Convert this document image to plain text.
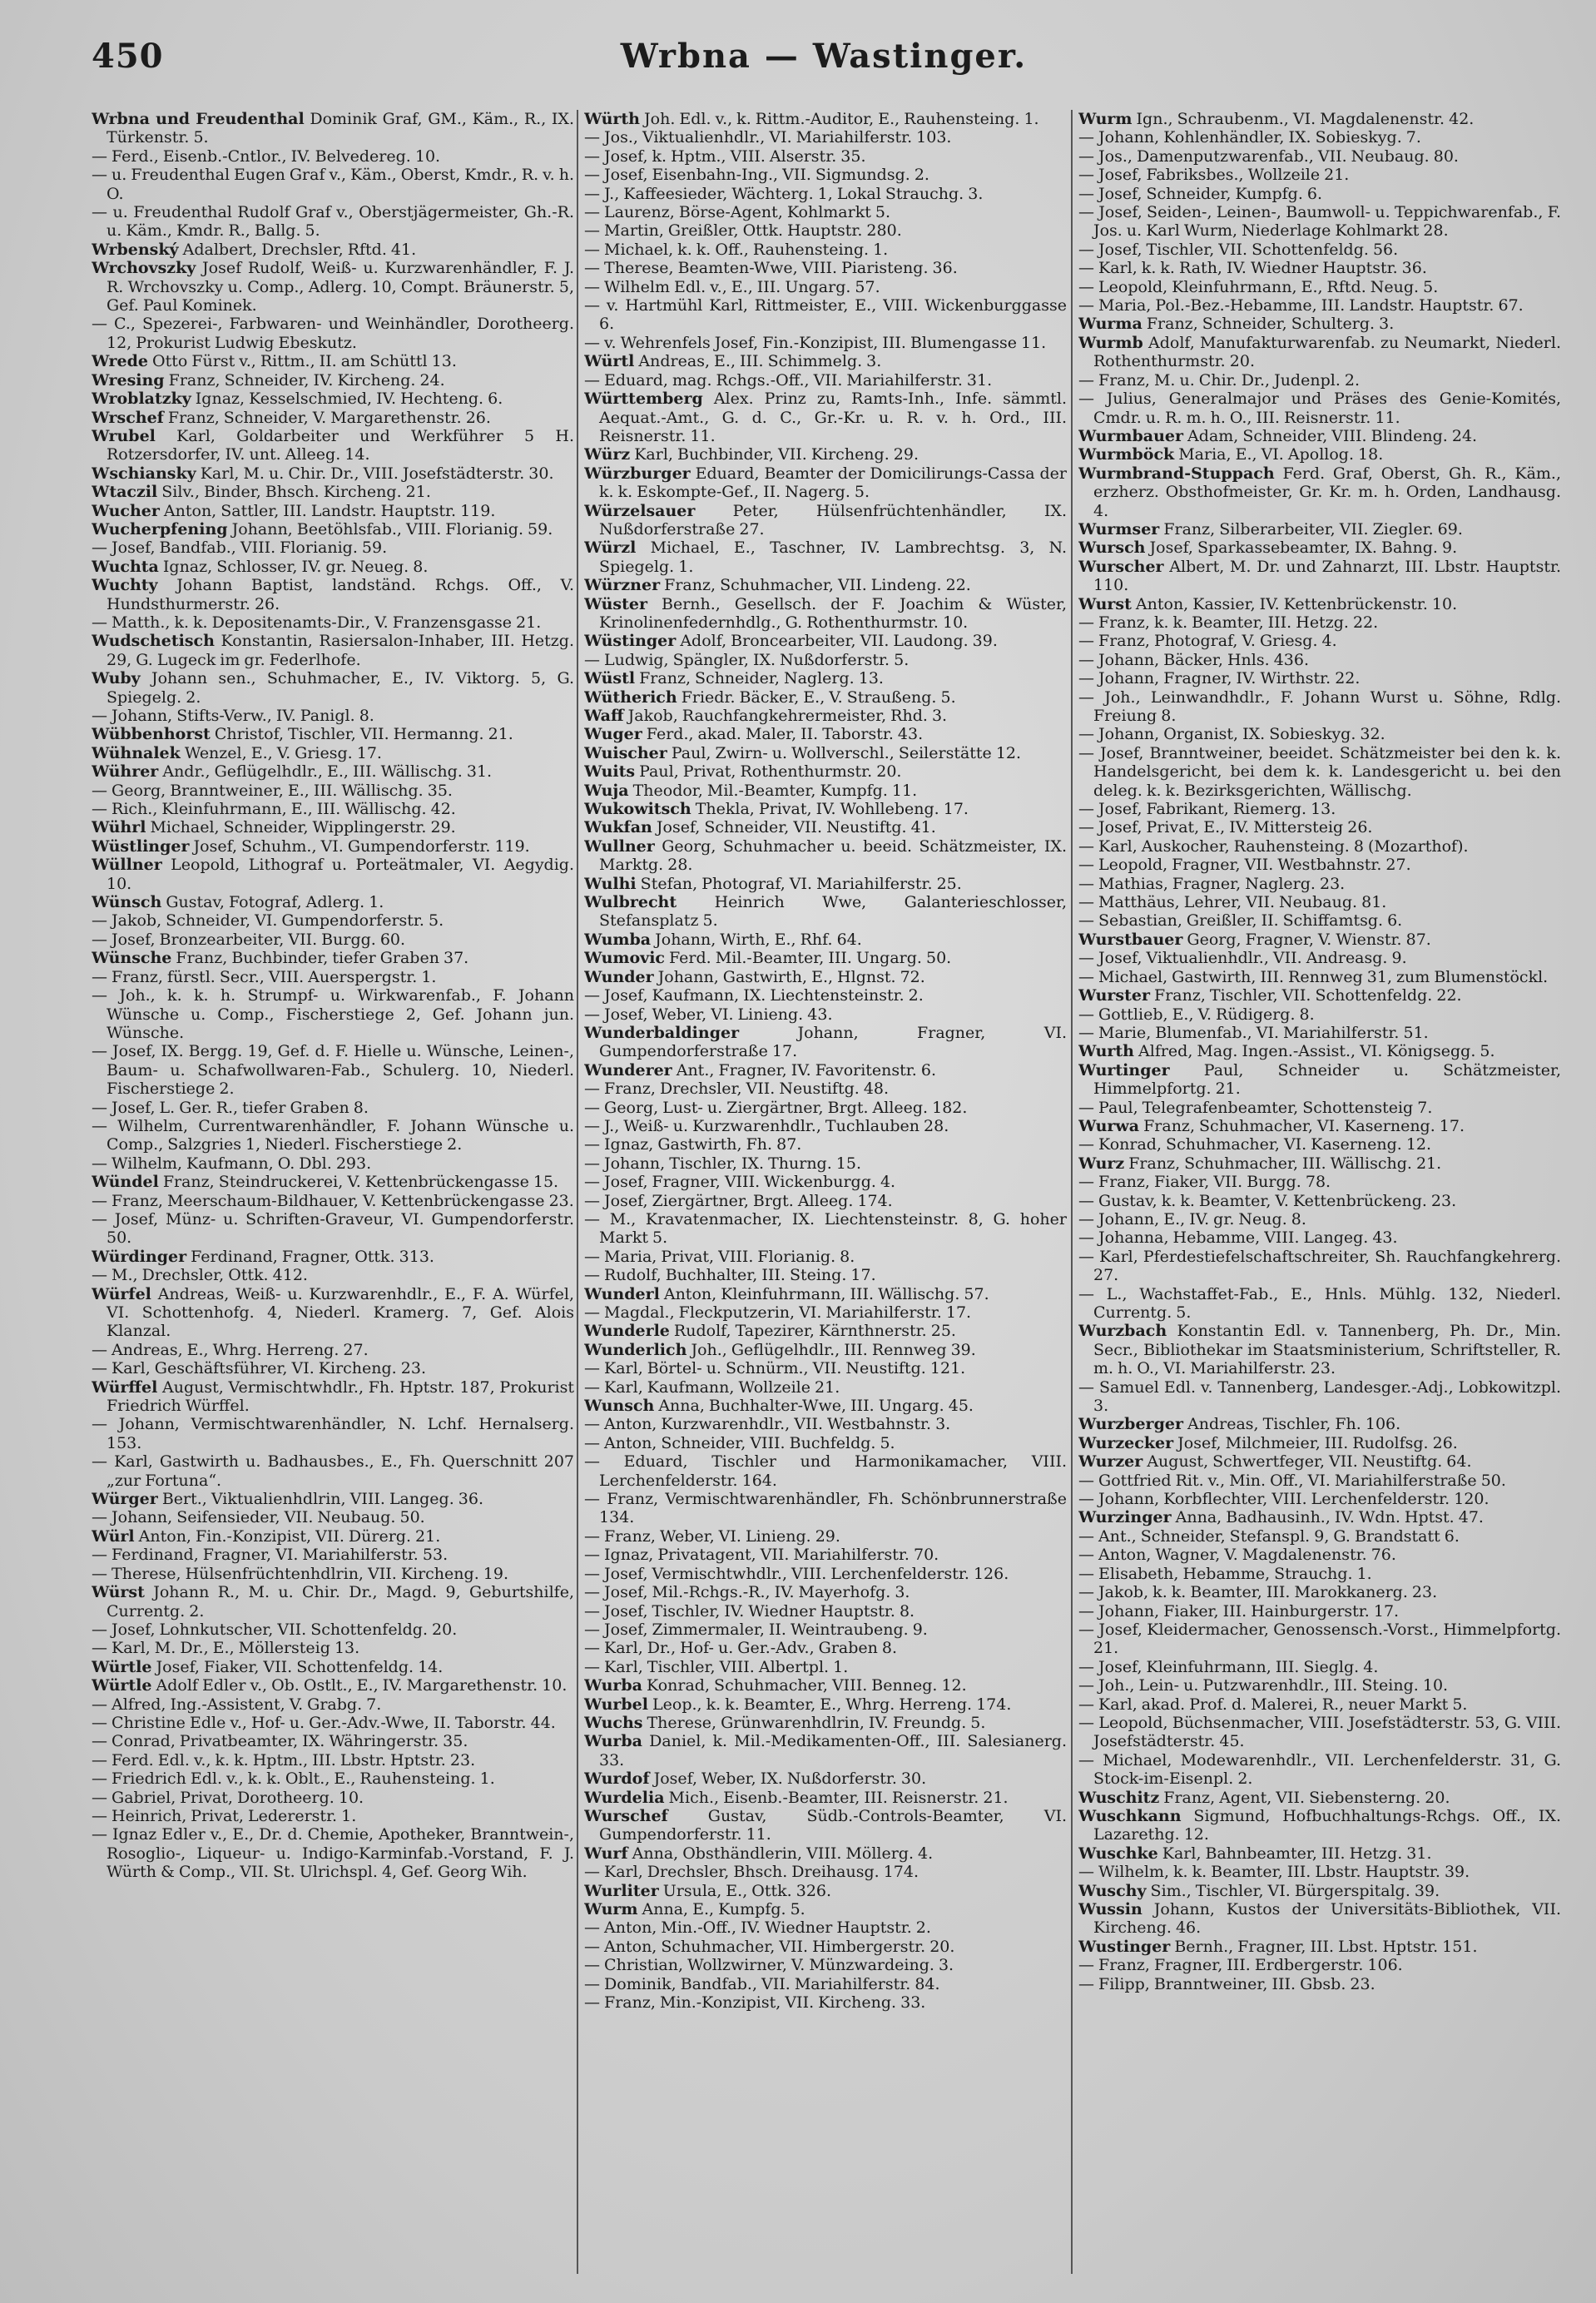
450	Wrbna — Wastinger.

Wrbna und Freudenthal Dominik Graf, GM., Käm., R., IX. Türkenstr. 5.

— Ferd., Eisenb.-Cntlor., IV. Belvedereg. 10.

— u. Freudenthal Eugen Graf v., Käm., Oberst, Kmdr., R. v. h. O.

— u. Freudenthal Rudolf Graf v., Oberstjägermeister, Gh.-R. u. Käm., Kmdr. R., Ballg. 5.

Wrbenský Adalbert, Drechsler, Rftd. 41.

Wrchovszky Josef Rudolf, Weiß- u. Kurzwarenhändler, F. J. R. Wrchovszky u. Comp., Adlerg. 10, Compt. Bräunerstr. 5, Gef. Paul Kominek.

— C., Spezerei-, Farbwaren- und Weinhändler, Dorotheerg. 12, Prokurist Ludwig Ebeskutz.

Wrede Otto Fürst v., Rittm., II. am Schüttl 13.

Wresing Franz, Schneider, IV. Kircheng. 24.

Wroblatzky Ignaz, Kesselschmied, IV. Hechteng. 6.

Wrschef Franz, Schneider, V. Margarethenstr. 26.

Wrubel Karl, Goldarbeiter und Werkführer 5 H. Rotzersdorfer, IV. unt. Alleeg. 14.

Wschiansky Karl, M. u. Chir. Dr., VIII. Josefstädterstr. 30.

Wtaczil Silv., Binder, Bhsch. Kircheng. 21.

Wucher Anton, Sattler, III. Landstr. Hauptstr. 119.

Wucherpfening Johann, Beetöhlsfab., VIII. Florianig. 59.

— Josef, Bandfab., VIII. Florianig. 59.

Wuchta Ignaz, Schlosser, IV. gr. Neueg. 8.

Wuchty Johann Baptist, landständ. Rchgs. Off., V. Hundsthurmerstr. 26.

— Matth., k. k. Depositenamts-Dir., V. Franzensgasse 21.

Wudschetisch Konstantin, Rasiersalon-Inhaber, III. Hetzg. 29, G. Lugeck im gr. Federlhofe.

Wuby Johann sen., Schuhmacher, E., IV. Viktorg. 5, G. Spiegelg. 2.

— Johann, Stifts-Verw., IV. Panigl. 8.

Wübbenhorst Christof, Tischler, VII. Hermanng. 21.

Wühnalek Wenzel, E., V. Griesg. 17.

Wührer Andr., Geflügelhdlr., E., III. Wällischg. 31.

— Georg, Branntweiner, E., III. Wällischg. 35.

— Rich., Kleinfuhrmann, E., III. Wällischg. 42.

Wührl Michael, Schneider, Wipplingerstr. 29.

Wüstlinger Josef, Schuhm., VI. Gumpendorferstr. 119.

Wüllner Leopold, Lithograf u. Porteätmaler, VI. Aegydig. 10.

Wünsch Gustav, Fotograf, Adlerg. 1.

— Jakob, Schneider, VI. Gumpendorferstr. 5.

— Josef, Bronzearbeiter, VII. Burgg. 60.

Wünsche Franz, Buchbinder, tiefer Graben 37.

— Franz, fürstl. Secr., VIII. Auerspergstr. 1.

— Joh., k. k. h. Strumpf- u. Wirkwarenfab., F. Johann Wünsche u. Comp., Fischerstiege 2, Gef. Johann jun. Wünsche.

— Josef, IX. Bergg. 19, Gef. d. F. Hielle u. Wünsche, Leinen-, Baum- u. Schafwollwaren-Fab., Schulerg. 10, Niederl. Fischerstiege 2.

— Josef, L. Ger. R., tiefer Graben 8.

— Wilhelm, Currentwarenhändler, F. Johann Wünsche u. Comp., Salzgries 1, Niederl. Fischerstiege 2.

— Wilhelm, Kaufmann, O. Dbl. 293.

Wündel Franz, Steindruckerei, V. Kettenbrückengasse 15.

— Franz, Meerschaum-Bildhauer, V. Kettenbrückengasse 23.

— Josef, Münz- u. Schriften-Graveur, VI. Gumpendorferstr. 50.

Würdinger Ferdinand, Fragner, Ottk. 313.

— M., Drechsler, Ottk. 412.

Würfel Andreas, Weiß- u. Kurzwarenhdlr., E., F. A. Würfel, VI. Schottenhofg. 4, Niederl. Kramerg. 7, Gef. Alois Klanzal.

— Andreas, E., Whrg. Herreng. 27.

— Karl, Geschäftsführer, VI. Kircheng. 23.

Würffel August, Vermischtwhdlr., Fh. Hptstr. 187, Prokurist Friedrich Würffel.

— Johann, Vermischtwarenhändler, N. Lchf. Hernalserg. 153.

— Karl, Gastwirth u. Badhausbes., E., Fh. Querschnitt 207 „zur Fortuna“.

Würger Bert., Viktualienhdlrin, VIII. Langeg. 36.

— Johann, Seifensieder, VII. Neubaug. 50.

Würl Anton, Fin.-Konzipist, VII. Dürerg. 21.

— Ferdinand, Fragner, VI. Mariahilferstr. 53.

— Therese, Hülsenfrüchtenhdlrin, VII. Kircheng. 19.

Würst Johann R., M. u. Chir. Dr., Magd. 9, Geburtshilfe, Currentg. 2.

— Josef, Lohnkutscher, VII. Schottenfeldg. 20.

— Karl, M. Dr., E., Möllersteig 13.

Würtle Josef, Fiaker, VII. Schottenfeldg. 14.

Würtle Adolf Edler v., Ob. Ostlt., E., IV. Margarethenstr. 10.

— Alfred, Ing.-Assistent, V. Grabg. 7.

— Christine Edle v., Hof- u. Ger.-Adv.-Wwe, II. Taborstr. 44.

— Conrad, Privatbeamter, IX. Währingerstr. 35.

— Ferd. Edl. v., k. k. Hptm., III. Lbstr. Hptstr. 23.

— Friedrich Edl. v., k. k. Oblt., E., Rauhensteing. 1.

— Gabriel, Privat, Dorotheerg. 10.

— Heinrich, Privat, Ledererstr. 1.

— Ignaz Edler v., E., Dr. d. Chemie, Apotheker, Branntwein-, Rosoglio-, Liqueur- u. Indigo-Karminfab.-Vorstand, F. J. Würth & Comp., VII. St. Ulrichspl. 4, Gef. Georg Wih.

Würth Joh. Edl. v., k. Rittm.-Auditor, E., Rauhensteing. 1.

— Jos., Viktualienhdlr., VI. Mariahilferstr. 103.

— Josef, k. Hptm., VIII. Alserstr. 35.

— Josef, Eisenbahn-Ing., VII. Sigmundsg. 2.

— J., Kaffeesieder, Wächterg. 1, Lokal Strauchg. 3.

— Laurenz, Börse-Agent, Kohlmarkt 5.

— Martin, Greißler, Ottk. Hauptstr. 280.

— Michael, k. k. Off., Rauhensteing. 1.

— Therese, Beamten-Wwe, VIII. Piaristeng. 36.

— Wilhelm Edl. v., E., III. Ungarg. 57.

— v. Hartmühl Karl, Rittmeister, E., VIII. Wickenburggasse 6.

— v. Wehrenfels Josef, Fin.-Konzipist, III. Blumengasse 11.

Würtl Andreas, E., III. Schimmelg. 3.

— Eduard, mag. Rchgs.-Off., VII. Mariahilferstr. 31.

Württemberg Alex. Prinz zu, Ramts-Inh., Infe. sämmtl. Aequat.-Amt., G. d. C., Gr.-Kr. u. R. v. h. Ord., III. Reisnerstr. 11.

Würz Karl, Buchbinder, VII. Kircheng. 29.

Würzburger Eduard, Beamter der Domicilirungs-Cassa der k. k. Eskompte-Gef., II. Nagerg. 5.

Würzelsauer Peter, Hülsenfrüchtenhändler, IX. Nußdorferstraße 27.

Würzl Michael, E., Taschner, IV. Lambrechtsg. 3, N. Spiegelg. 1.

Würzner Franz, Schuhmacher, VII. Lindeng. 22.

Wüster Bernh., Gesellsch. der F. Joachim & Wüster, Krinolinenfedernhdlg., G. Rothenthurmstr. 10.

Wüstinger Adolf, Broncearbeiter, VII. Laudong. 39.

— Ludwig, Spängler, IX. Nußdorferstr. 5.

Wüstl Franz, Schneider, Naglerg. 13.

Wütherich Friedr. Bäcker, E., V. Straußeng. 5.

Waff Jakob, Rauchfangkehrermeister, Rhd. 3.

Wuger Ferd., akad. Maler, II. Taborstr. 43.

Wuischer Paul, Zwirn- u. Wollverschl., Seilerstätte 12.

Wuits Paul, Privat, Rothenthurmstr. 20.

Wuja Theodor, Mil.-Beamter, Kumpfg. 11.

Wukowitsch Thekla, Privat, IV. Wohllebeng. 17.

Wukfan Josef, Schneider, VII. Neustiftg. 41.

Wullner Georg, Schuhmacher u. beeid. Schätzmeister, IX. Marktg. 28.

Wulhi Stefan, Photograf, VI. Mariahilferstr. 25.

Wulbrecht Heinrich Wwe, Galanterieschlosser, Stefansplatz 5.

Wumba Johann, Wirth, E., Rhf. 64.

Wumovic Ferd. Mil.-Beamter, III. Ungarg. 50.

Wunder Johann, Gastwirth, E., Hlgnst. 72.

— Josef, Kaufmann, IX. Liechtensteinstr. 2.

— Josef, Weber, VI. Linieng. 43.

Wunderbaldinger Johann, Fragner, VI. Gumpendorferstraße 17.

Wunderer Ant., Fragner, IV. Favoritenstr. 6.

— Franz, Drechsler, VII. Neustiftg. 48.

— Georg, Lust- u. Ziergärtner, Brgt. Alleeg. 182.

— J., Weiß- u. Kurzwarenhdlr., Tuchlauben 28.

— Ignaz, Gastwirth, Fh. 87.

— Johann, Tischler, IX. Thurng. 15.

— Josef, Fragner, VIII. Wickenburgg. 4.

— Josef, Ziergärtner, Brgt. Alleeg. 174.

— M., Kravatenmacher, IX. Liechtensteinstr. 8, G. hoher Markt 5.

— Maria, Privat, VIII. Florianig. 8.

— Rudolf, Buchhalter, III. Steing. 17.

Wunderl Anton, Kleinfuhrmann, III. Wällischg. 57.

— Magdal., Fleckputzerin, VI. Mariahilferstr. 17.

Wunderle Rudolf, Tapezirer, Kärnthnerstr. 25.

Wunderlich Joh., Geflügelhdlr., III. Rennweg 39.

— Karl, Börtel- u. Schnürm., VII. Neustiftg. 121.

— Karl, Kaufmann, Wollzeile 21.

Wunsch Anna, Buchhalter-Wwe, III. Ungarg. 45.

— Anton, Kurzwarenhdlr., VII. Westbahnstr. 3.

— Anton, Schneider, VIII. Buchfeldg. 5.

— Eduard, Tischler und Harmonikamacher, VIII. Lerchenfelderstr. 164.

— Franz, Vermischtwarenhändler, Fh. Schönbrunnerstraße 134.

— Franz, Weber, VI. Linieng. 29.

— Ignaz, Privatagent, VII. Mariahilferstr. 70.

— Josef, Vermischtwhdlr., VIII. Lerchenfelderstr. 126.

— Josef, Mil.-Rchgs.-R., IV. Mayerhofg. 3.

— Josef, Tischler, IV. Wiedner Hauptstr. 8.

— Josef, Zimmermaler, II. Weintraubeng. 9.

— Karl, Dr., Hof- u. Ger.-Adv., Graben 8.

— Karl, Tischler, VIII. Albertpl. 1.

Wurba Konrad, Schuhmacher, VIII. Benneg. 12.

Wurbel Leop., k. k. Beamter, E., Whrg. Herreng. 174.

Wuchs Therese, Grünwarenhdlrin, IV. Freundg. 5.

Wurba Daniel, k. Mil.-Medikamenten-Off., III. Salesianerg. 33.

Wurdof Josef, Weber, IX. Nußdorferstr. 30.

Wurdelia Mich., Eisenb.-Beamter, III. Reisnerstr. 21.

Wurschef Gustav, Südb.-Controls-Beamter, VI. Gumpendorferstr. 11.

Wurf Anna, Obsthändlerin, VIII. Möllerg. 4.

— Karl, Drechsler, Bhsch. Dreihausg. 174.

Wurliter Ursula, E., Ottk. 326.

Wurm Anna, E., Kumpfg. 5.

— Anton, Min.-Off., IV. Wiedner Hauptstr. 2.

— Anton, Schuhmacher, VII. Himbergerstr. 20.

— Christian, Wollzwirner, V. Münzwardeing. 3.

— Dominik, Bandfab., VII. Mariahilferstr. 84.

— Franz, Min.-Konzipist, VII. Kircheng. 33.

Wurm Ign., Schraubenm., VI. Magdalenenstr. 42.

— Johann, Kohlenhändler, IX. Sobieskyg. 7.

— Jos., Damenputzwarenfab., VII. Neubaug. 80.

— Josef, Fabriksbes., Wollzeile 21.

— Josef, Schneider, Kumpfg. 6.

— Josef, Seiden-, Leinen-, Baumwoll- u. Teppichwarenfab., F. Jos. u. Karl Wurm, Niederlage Kohlmarkt 28.

— Josef, Tischler, VII. Schottenfeldg. 56.

— Karl, k. k. Rath, IV. Wiedner Hauptstr. 36.

— Leopold, Kleinfuhrmann, E., Rftd. Neug. 5.

— Maria, Pol.-Bez.-Hebamme, III. Landstr. Hauptstr. 67.

Wurma Franz, Schneider, Schulterg. 3.

Wurmb Adolf, Manufakturwarenfab. zu Neumarkt, Niederl. Rothenthurmstr. 20.

— Franz, M. u. Chir. Dr., Judenpl. 2.

— Julius, Generalmajor und Präses des Genie-Komités, Cmdr. u. R. m. h. O., III. Reisnerstr. 11.

Wurmbauer Adam, Schneider, VIII. Blindeng. 24.

Wurmböck Maria, E., VI. Apollog. 18.

Wurmbrand-Stuppach Ferd. Graf, Oberst, Gh. R., Käm., erzherz. Obsthofmeister, Gr. Kr. m. h. Orden, Landhausg. 4.

Wurmser Franz, Silberarbeiter, VII. Ziegler. 69.

Wursch Josef, Sparkassebeamter, IX. Bahng. 9.

Wurscher Albert, M. Dr. und Zahnarzt, III. Lbstr. Hauptstr. 110.

Wurst Anton, Kassier, IV. Kettenbrückenstr. 10.

— Franz, k. k. Beamter, III. Hetzg. 22.

— Franz, Photograf, V. Griesg. 4.

— Johann, Bäcker, Hnls. 436.

— Johann, Fragner, IV. Wirthstr. 22.

— Joh., Leinwandhdlr., F. Johann Wurst u. Söhne, Rdlg. Freiung 8.

— Johann, Organist, IX. Sobieskyg. 32.

— Josef, Branntweiner, beeidet. Schätzmeister bei den k. k. Handelsgericht, bei dem k. k. Landesgericht u. bei den deleg. k. k. Bezirksgerichten, Wällischg.

— Josef, Fabrikant, Riemerg. 13.

— Josef, Privat, E., IV. Mittersteig 26.

— Karl, Auskocher, Rauhensteing. 8 (Mozarthof).

— Leopold, Fragner, VII. Westbahnstr. 27.

— Mathias, Fragner, Naglerg. 23.

— Matthäus, Lehrer, VII. Neubaug. 81.

— Sebastian, Greißler, II. Schiffamtsg. 6.

Wurstbauer Georg, Fragner, V. Wienstr. 87.

— Josef, Viktualienhdlr., VII. Andreasg. 9.

— Michael, Gastwirth, III. Rennweg 31, zum Blumenstöckl.

Wurster Franz, Tischler, VII. Schottenfeldg. 22.

— Gottlieb, E., V. Rüdigerg. 8.

— Marie, Blumenfab., VI. Mariahilferstr. 51.

Wurth Alfred, Mag. Ingen.-Assist., VI. Königsegg. 5.

Wurtinger Paul, Schneider u. Schätzmeister, Himmelpfortg. 21.

— Paul, Telegrafenbeamter, Schottensteig 7.

Wurwa Franz, Schuhmacher, VI. Kaserneng. 17.

— Konrad, Schuhmacher, VI. Kaserneng. 12.

Wurz Franz, Schuhmacher, III. Wällischg. 21.

— Franz, Fiaker, VII. Burgg. 78.

— Gustav, k. k. Beamter, V. Kettenbrückeng. 23.

— Johann, E., IV. gr. Neug. 8.

— Johanna, Hebamme, VIII. Langeg. 43.

— Karl, Pferdestiefelschaftschreiter, Sh. Rauchfangkehrerg. 27.

— L., Wachstaffet-Fab., E., Hnls. Mühlg. 132, Niederl. Currentg. 5.

Wurzbach Konstantin Edl. v. Tannenberg, Ph. Dr., Min. Secr., Bibliothekar im Staatsministerium, Schriftsteller, R. m. h. O., VI. Mariahilferstr. 23.

— Samuel Edl. v. Tannenberg, Landesger.-Adj., Lobkowitzpl. 3.

Wurzberger Andreas, Tischler, Fh. 106.

Wurzecker Josef, Milchmeier, III. Rudolfsg. 26.

Wurzer August, Schwertfeger, VII. Neustiftg. 64.

— Gottfried Rit. v., Min. Off., VI. Mariahilferstraße 50.

— Johann, Korbflechter, VIII. Lerchenfelderstr. 120.

Wurzinger Anna, Badhausinh., IV. Wdn. Hptst. 47.

— Ant., Schneider, Stefanspl. 9, G. Brandstatt 6.

— Anton, Wagner, V. Magdalenenstr. 76.

— Elisabeth, Hebamme, Strauchg. 1.

— Jakob, k. k. Beamter, III. Marokkanerg. 23.

— Johann, Fiaker, III. Hainburgerstr. 17.

— Josef, Kleidermacher, Genossensch.-Vorst., Himmelpfortg. 21.

— Josef, Kleinfuhrmann, III. Sieglg. 4.

— Joh., Lein- u. Putzwarenhdlr., III. Steing. 10.

— Karl, akad. Prof. d. Malerei, R., neuer Markt 5.

— Leopold, Büchsenmacher, VIII. Josefstädterstr. 53, G. VIII. Josefstädterstr. 45.

— Michael, Modewarenhdlr., VII. Lerchenfelderstr. 31, G. Stock-im-Eisenpl. 2.

Wuschitz Franz, Agent, VII. Siebensterng. 20.

Wuschkann Sigmund, Hofbuchhaltungs-Rchgs. Off., IX. Lazarethg. 12.

Wuschke Karl, Bahnbeamter, III. Hetzg. 31.

— Wilhelm, k. k. Beamter, III. Lbstr. Hauptstr. 39.

Wuschy Sim., Tischler, VI. Bürgerspitalg. 39.

Wussin Johann, Kustos der Universitäts-Bibliothek, VII. Kircheng. 46.

Wustinger Bernh., Fragner, III. Lbst. Hptstr. 151.

— Franz, Fragner, III. Erdbergerstr. 106.

— Filipp, Branntweiner, III. Gbsb. 23.
